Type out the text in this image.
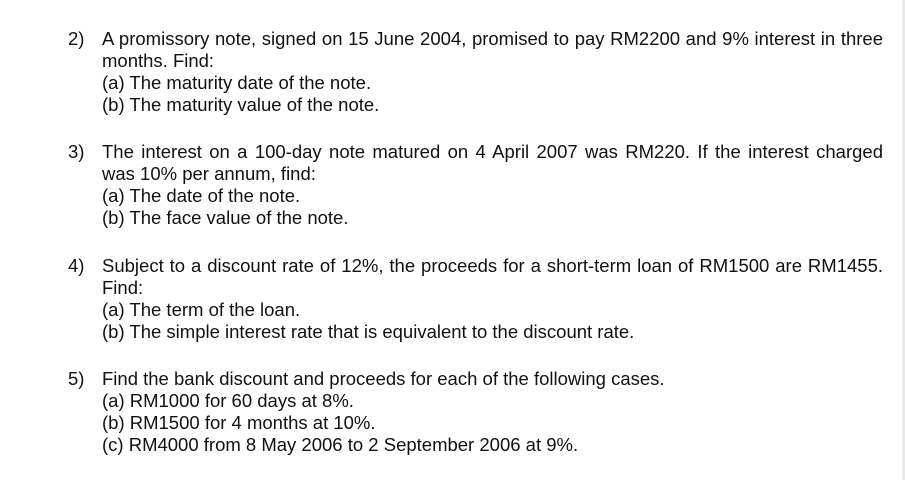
2) A promissory note, signed on 15 June 2004, promised to pay RM2200 and 9% interest in three months. Find:
(a) The maturity date of the note.
(b) The maturity value of the note.
3) The interest on a 100-day note matured on 4 April 2007 was RM220. If the interest charged was 10% per annum, find:
(a) The date of the note.
(b) The face value of the note.
4) Subject to a discount rate of 12%, the proceeds for a short-term loan of RM1500 are RM1455. Find:
(a) The term of the loan.
(b) The simple interest rate that is equivalent to the discount rate.
5) Find the bank discount and proceeds for each of the following cases.
(a) RM1000 for 60 days at 8%.
(b) RM1500 for 4 months at 10%.
(c) RM4000 from 8 May 2006 to 2 September 2006 at 9%.
